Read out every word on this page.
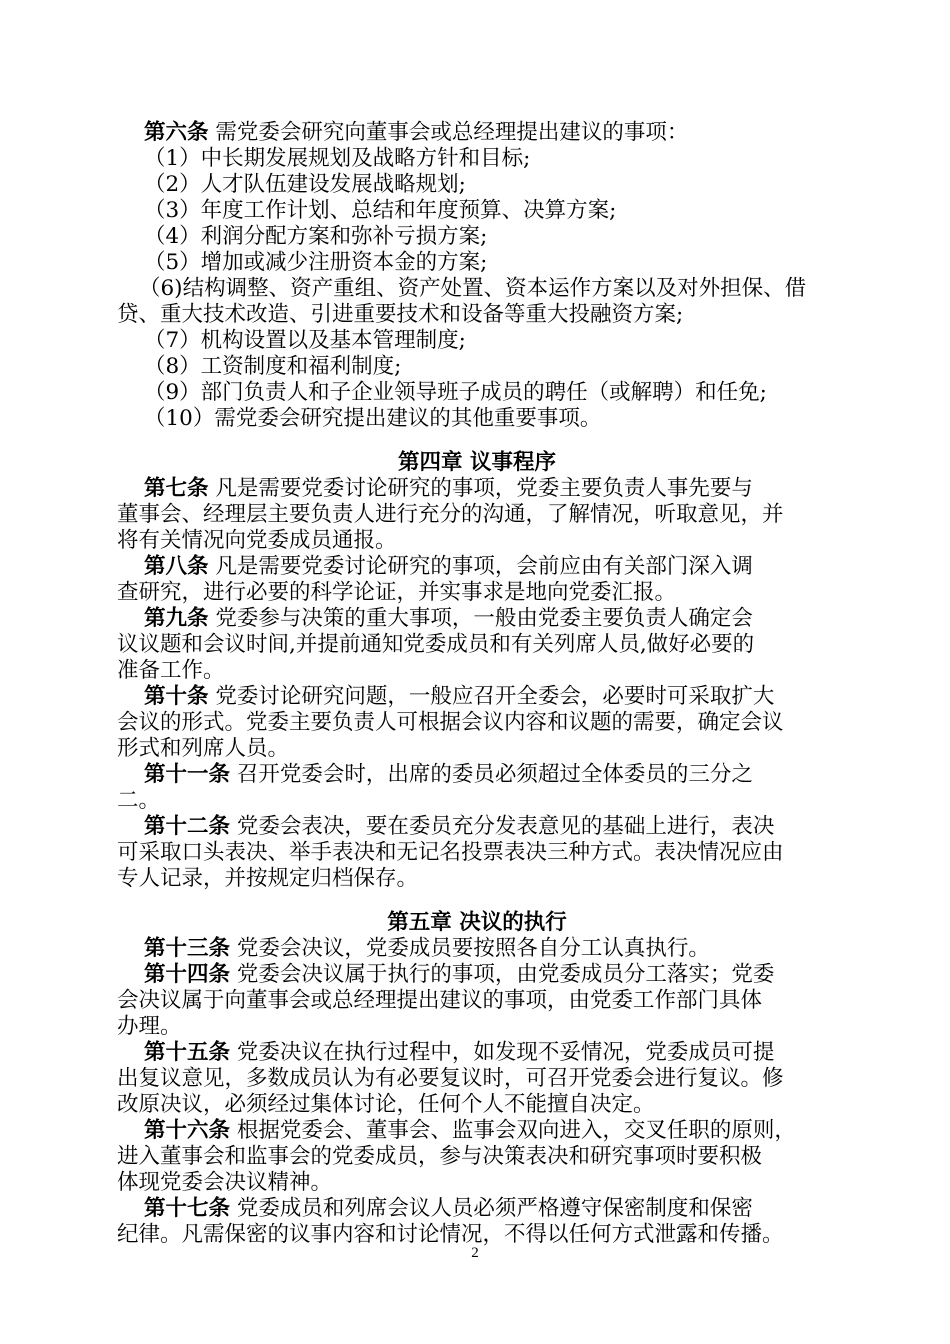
第六条 需党委会研究向董事会或总经理提出建议的事项：
（1）中长期发展规划及战略方针和目标;
（2）人才队伍建设发展战略规划;
（3）年度工作计划、总结和年度预算、决算方案;
（4）利润分配方案和弥补亏损方案;
（5）增加或减少注册资本金的方案;
（6)结构调整、资产重组、资产处置、资本运作方案以及对外担保、借
贷、重大技术改造、引进重要技术和设备等重大投融资方案;
（7）机构设置以及基本管理制度;
（8）工资制度和福利制度;
（9）部门负责人和子企业领导班子成员的聘任（或解聘）和任免;
（10）需党委会研究提出建议的其他重要事项。
第四章 议事程序
第七条 凡是需要党委讨论研究的事项，党委主要负责人事先要与
董事会、经理层主要负责人进行充分的沟通，了解情况，听取意见，并
将有关情况向党委成员通报。
第八条 凡是需要党委讨论研究的事项，会前应由有关部门深入调
查研究，进行必要的科学论证，并实事求是地向党委汇报。
第九条 党委参与决策的重大事项，一般由党委主要负责人确定会
议议题和会议时间,并提前通知党委成员和有关列席人员,做好必要的
准备工作。
第十条 党委讨论研究问题，一般应召开全委会，必要时可采取扩大
会议的形式。党委主要负责人可根据会议内容和议题的需要，确定会议
形式和列席人员。
第十一条 召开党委会时，出席的委员必须超过全体委员的三分之
二。
第十二条 党委会表决，要在委员充分发表意见的基础上进行，表决
可采取口头表决、举手表决和无记名投票表决三种方式。表决情况应由
专人记录，并按规定归档保存。
第五章 决议的执行
第十三条 党委会决议，党委成员要按照各自分工认真执行。
第十四条 党委会决议属于执行的事项，由党委成员分工落实；党委
会决议属于向董事会或总经理提出建议的事项，由党委工作部门具体
办理。
第十五条 党委决议在执行过程中，如发现不妥情况，党委成员可提
出复议意见，多数成员认为有必要复议时，可召开党委会进行复议。修
改原决议，必须经过集体讨论，任何个人不能擅自决定。
第十六条 根据党委会、董事会、监事会双向进入，交叉任职的原则，
进入董事会和监事会的党委成员，参与决策表决和研究事项时要积极
体现党委会决议精神。
第十七条 党委成员和列席会议人员必须严格遵守保密制度和保密
纪律。凡需保密的议事内容和讨论情况，不得以任何方式泄露和传播。
2
